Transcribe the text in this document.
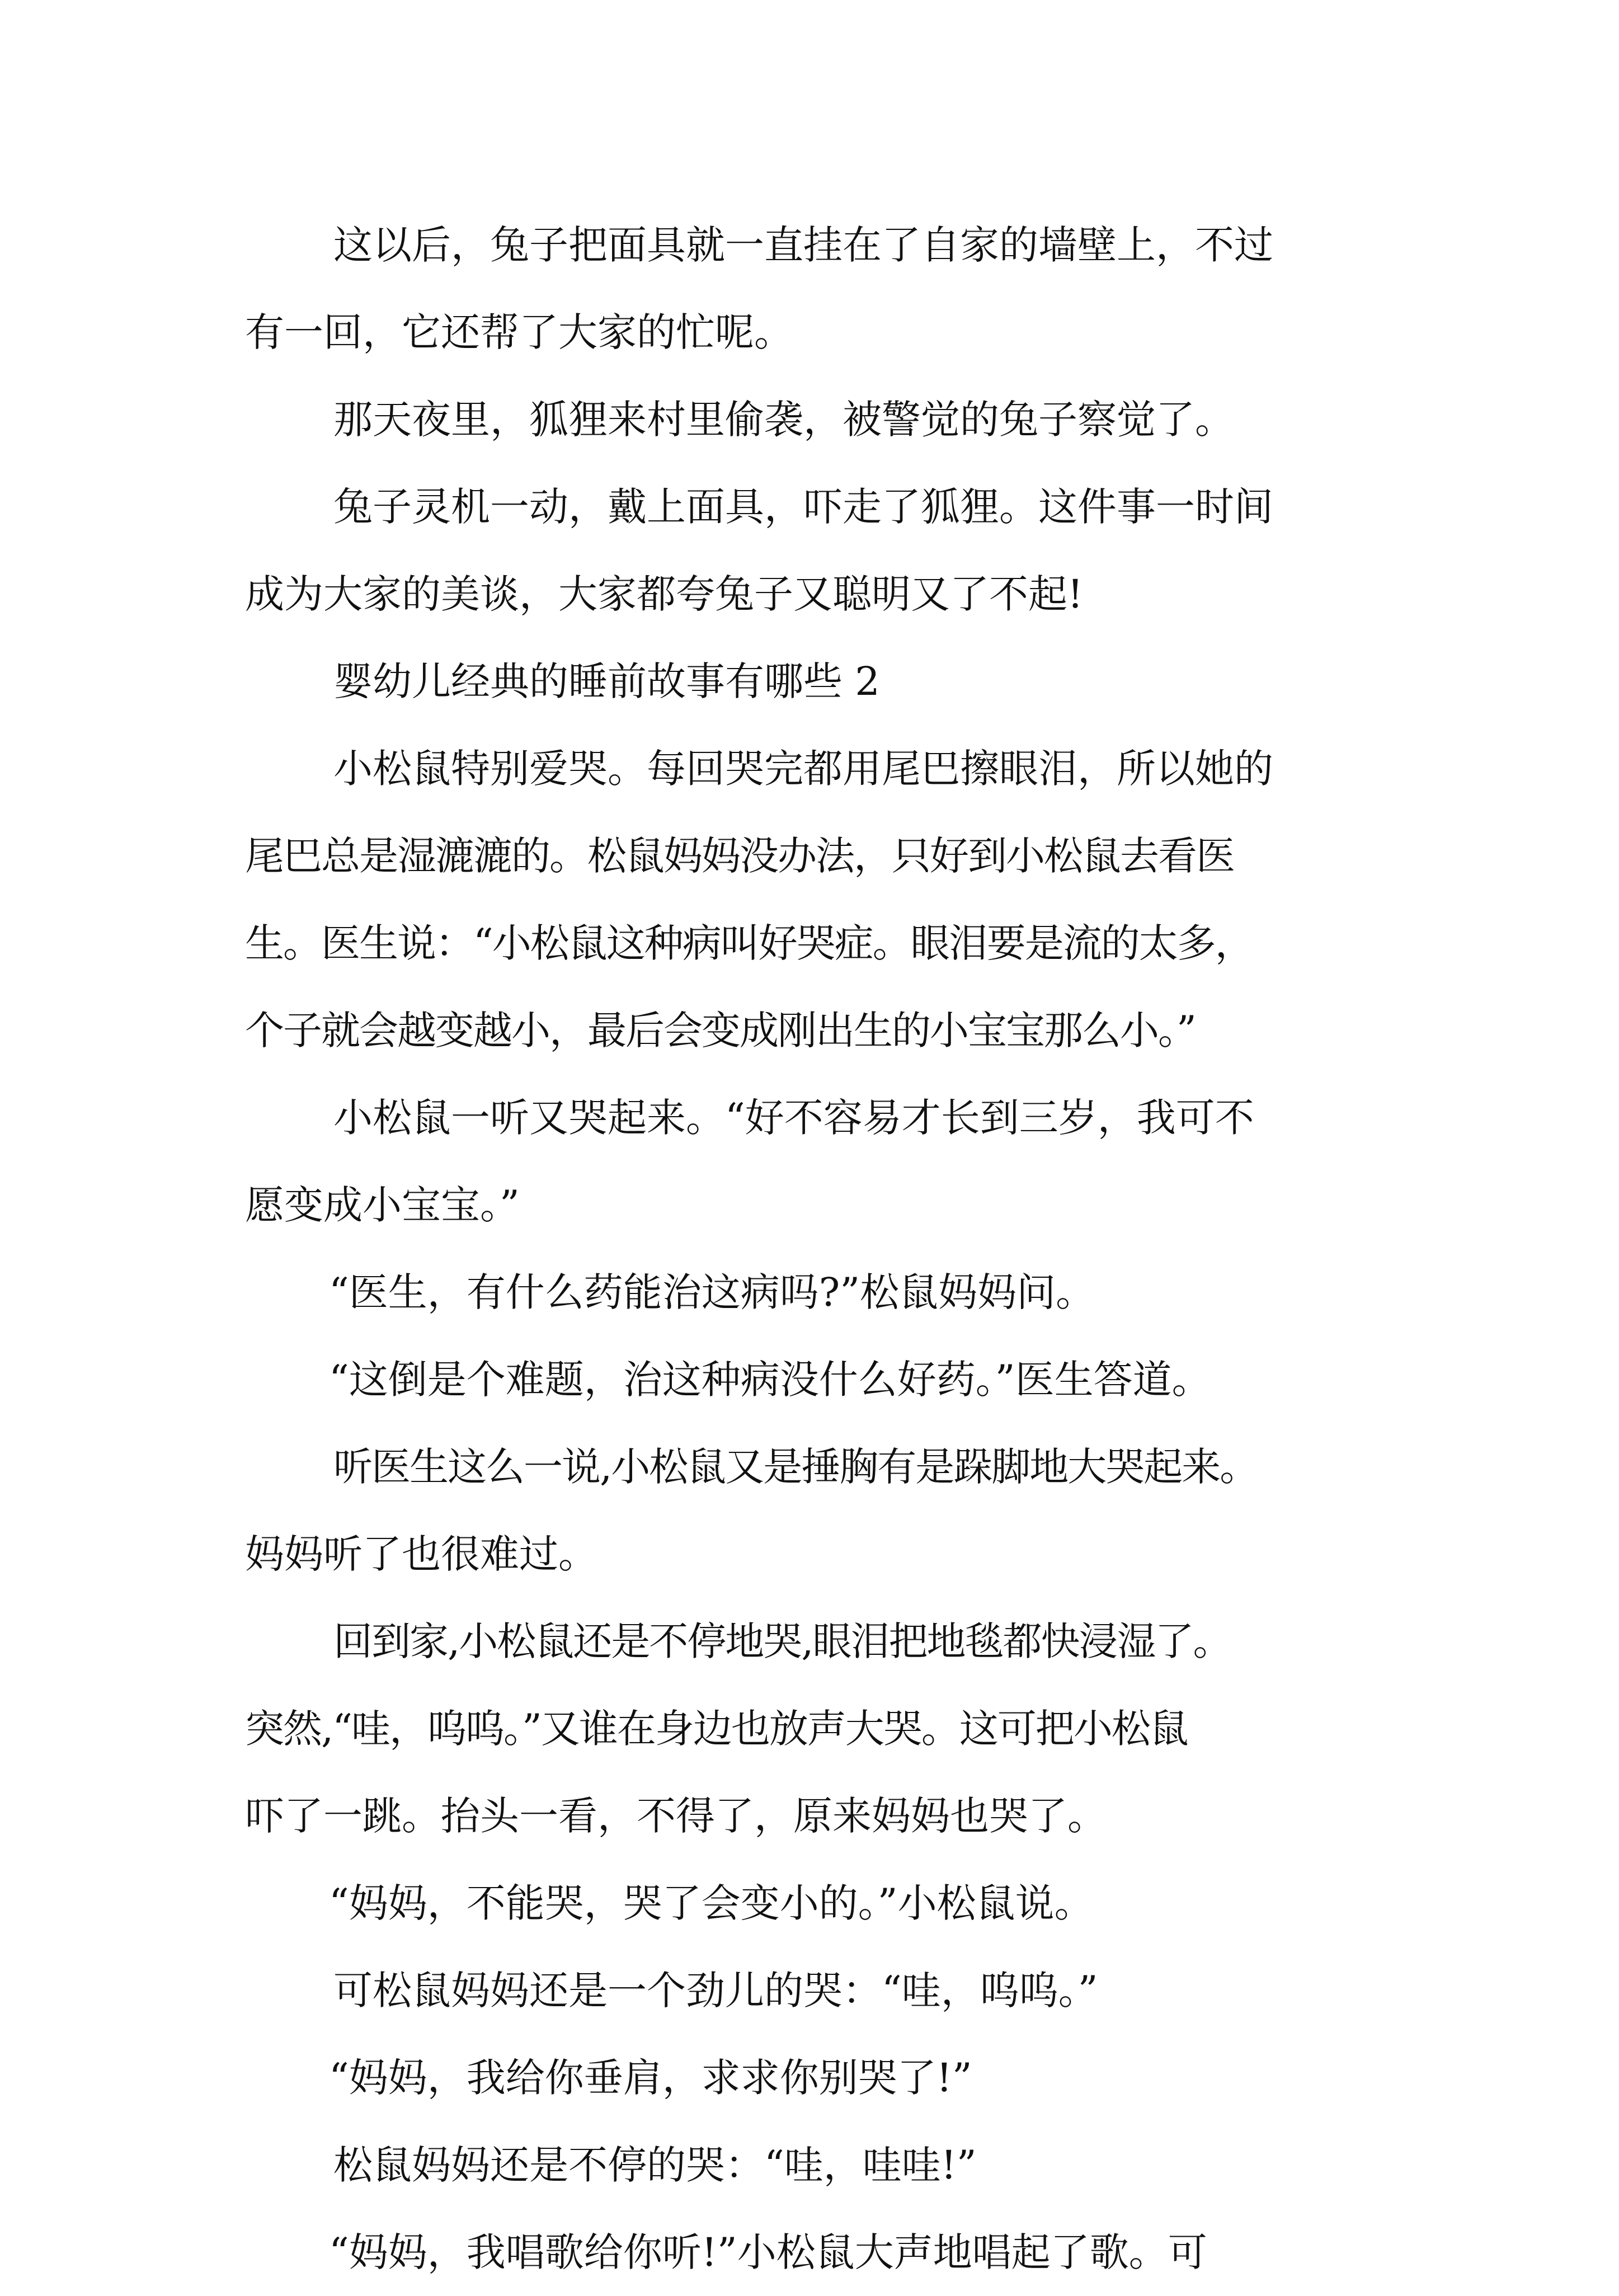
这以后，兔子把面具就一直挂在了自家的墙壁上，不过
有一回，它还帮了大家的忙呢。
那天夜里，狐狸来村里偷袭，被警觉的兔子察觉了。
兔子灵机一动，戴上面具，吓走了狐狸。这件事一时间
成为大家的美谈，大家都夸兔子又聪明又了不起!
婴幼儿经典的睡前故事有哪些 2
小松鼠特别爱哭。每回哭完都用尾巴擦眼泪，所以她的
尾巴总是湿漉漉的。松鼠妈妈没办法，只好到小松鼠去看医
生。医生说：“小松鼠这种病叫好哭症。眼泪要是流的太多，
个子就会越变越小，最后会变成刚出生的小宝宝那么小。”
小松鼠一听又哭起来。“好不容易才长到三岁，我可不
愿变成小宝宝。”
“医生，有什么药能治这病吗?”松鼠妈妈问。
“这倒是个难题，治这种病没什么好药。”医生答道。
听医生这么一说,小松鼠又是捶胸有是跺脚地大哭起来。
妈妈听了也很难过。
回到家,小松鼠还是不停地哭,眼泪把地毯都快浸湿了。
突然,“哇，呜呜。”又谁在身边也放声大哭。这可把小松鼠
吓了一跳。抬头一看，不得了，原来妈妈也哭了。
“妈妈，不能哭，哭了会变小的。”小松鼠说。
可松鼠妈妈还是一个劲儿的哭：“哇，呜呜。”
“妈妈，我给你垂肩，求求你别哭了!”
松鼠妈妈还是不停的哭：“哇，哇哇!”
“妈妈，我唱歌给你听!”小松鼠大声地唱起了歌。可
